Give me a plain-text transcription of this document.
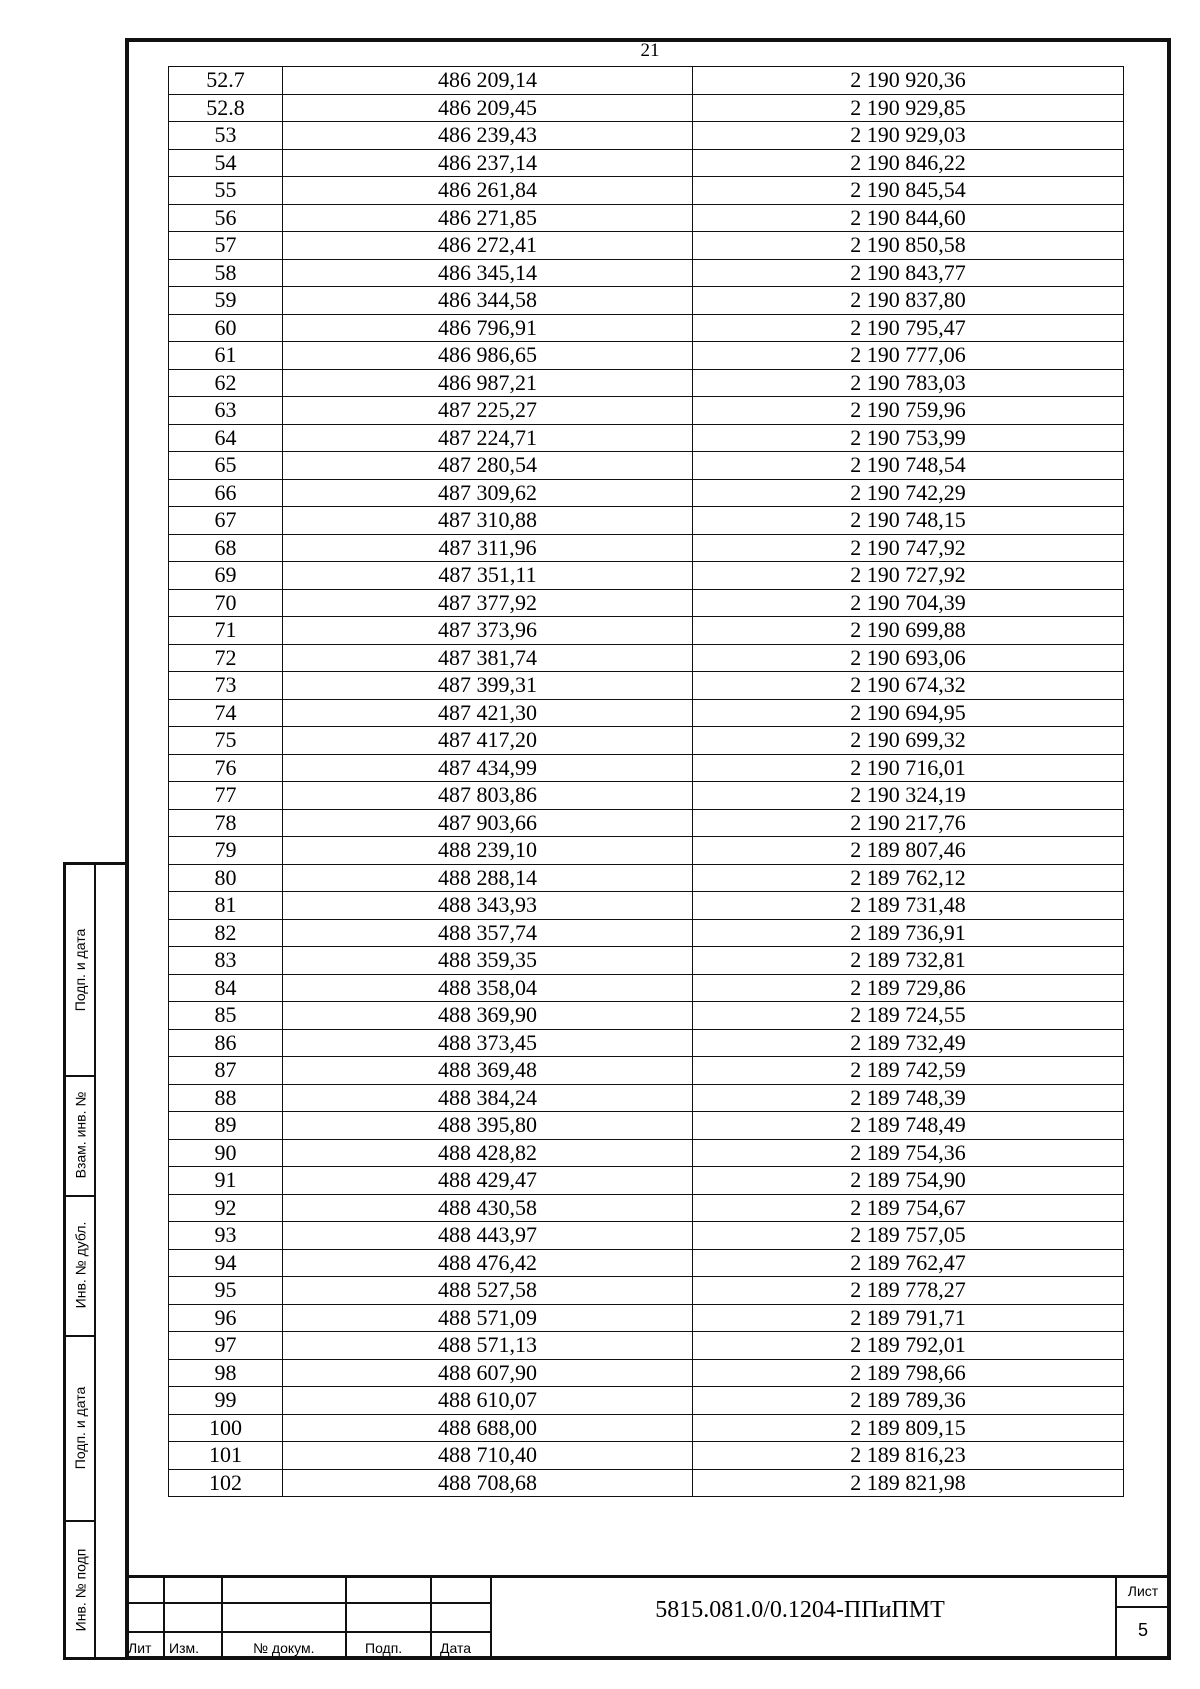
21
52.7	486 209,14	2 190 920,36
52.8	486 209,45	2 190 929,85
53	486 239,43	2 190 929,03
54	486 237,14	2 190 846,22
55	486 261,84	2 190 845,54
56	486 271,85	2 190 844,60
57	486 272,41	2 190 850,58
58	486 345,14	2 190 843,77
59	486 344,58	2 190 837,80
60	486 796,91	2 190 795,47
61	486 986,65	2 190 777,06
62	486 987,21	2 190 783,03
63	487 225,27	2 190 759,96
64	487 224,71	2 190 753,99
65	487 280,54	2 190 748,54
66	487 309,62	2 190 742,29
67	487 310,88	2 190 748,15
68	487 311,96	2 190 747,92
69	487 351,11	2 190 727,92
70	487 377,92	2 190 704,39
71	487 373,96	2 190 699,88
72	487 381,74	2 190 693,06
73	487 399,31	2 190 674,32
74	487 421,30	2 190 694,95
75	487 417,20	2 190 699,32
76	487 434,99	2 190 716,01
77	487 803,86	2 190 324,19
78	487 903,66	2 190 217,76
79	488 239,10	2 189 807,46
80	488 288,14	2 189 762,12
81	488 343,93	2 189 731,48
82	488 357,74	2 189 736,91
83	488 359,35	2 189 732,81
84	488 358,04	2 189 729,86
85	488 369,90	2 189 724,55
86	488 373,45	2 189 732,49
87	488 369,48	2 189 742,59
88	488 384,24	2 189 748,39
89	488 395,80	2 189 748,49
90	488 428,82	2 189 754,36
91	488 429,47	2 189 754,90
92	488 430,58	2 189 754,67
93	488 443,97	2 189 757,05
94	488 476,42	2 189 762,47
95	488 527,58	2 189 778,27
96	488 571,09	2 189 791,71
97	488 571,13	2 189 792,01
98	488 607,90	2 189 798,66
99	488 610,07	2 189 789,36
100	488 688,00	2 189 809,15
101	488 710,40	2 189 816,23
102	488 708,68	2 189 821,98
Подп. и дата
Взам. инв. №
Инв. № дубл.
Подп. и дата
Инв. № подп
Лит Изм.	№ докум.	Подп.	Дата
5815.081.0/0.1204-ППиПМТ
Лист
5
